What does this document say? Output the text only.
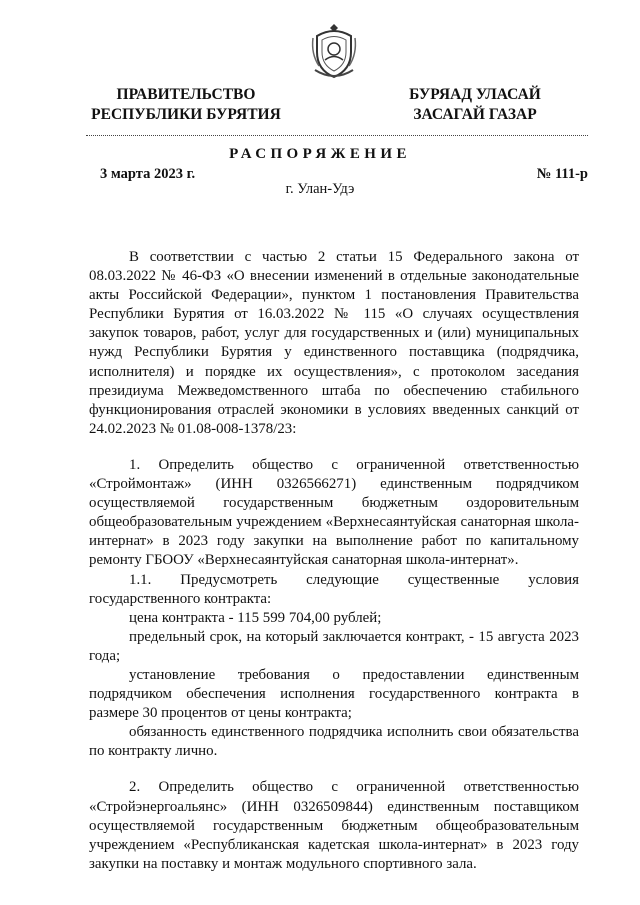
ПРАВИТЕЛЬСТВО
РЕСПУБЛИКИ БУРЯТИЯ
БУРЯАД УЛАСАЙ
ЗАСАГАЙ ГАЗАР
РАСПОРЯЖЕНИЕ
3 марта 2023 г.	№ 111-р
г. Улан-Удэ

В соответствии с частью 2 статьи 15 Федерального закона от 08.03.2022 № 46-ФЗ «О внесении изменений в отдельные законодательные акты Российской Федерации», пунктом 1 постановления Правительства Республики Бурятия от 16.03.2022 № 115 «О случаях осуществления закупок товаров, работ, услуг для государственных и (или) муниципальных нужд Республики Бурятия у единственного поставщика (подрядчика, исполнителя) и порядке их осуществления», с протоколом заседания президиума Межведомственного штаба по обеспечению стабильного функционирования отраслей экономики в условиях введенных санкций от 24.02.2023 № 01.08-008-1378/23:

1. Определить общество с ограниченной ответственностью «Строймонтаж» (ИНН 0326566271) единственным подрядчиком осуществляемой государственным бюджетным оздоровительным общеобразовательным учреждением «Верхнесаянтуйская санаторная школа-интернат» в 2023 году закупки на выполнение работ по капитальному ремонту ГБООУ «Верхнесаянтуйская санаторная школа-интернат».

1.1. Предусмотреть следующие существенные условия государственного контракта:

цена контракта - 115 599 704,00 рублей;

предельный срок, на который заключается контракт, - 15 августа 2023 года;

установление требования о предоставлении единственным подрядчиком обеспечения исполнения государственного контракта в размере 30 процентов от цены контракта;

обязанность единственного подрядчика исполнить свои обязательства по контракту лично.

2. Определить общество с ограниченной ответственностью «Стройэнергоальянс» (ИНН 0326509844) единственным поставщиком осуществляемой государственным бюджетным общеобразовательным учреждением «Республиканская кадетская школа-интернат» в 2023 году закупки на поставку и монтаж модульного спортивного зала.
